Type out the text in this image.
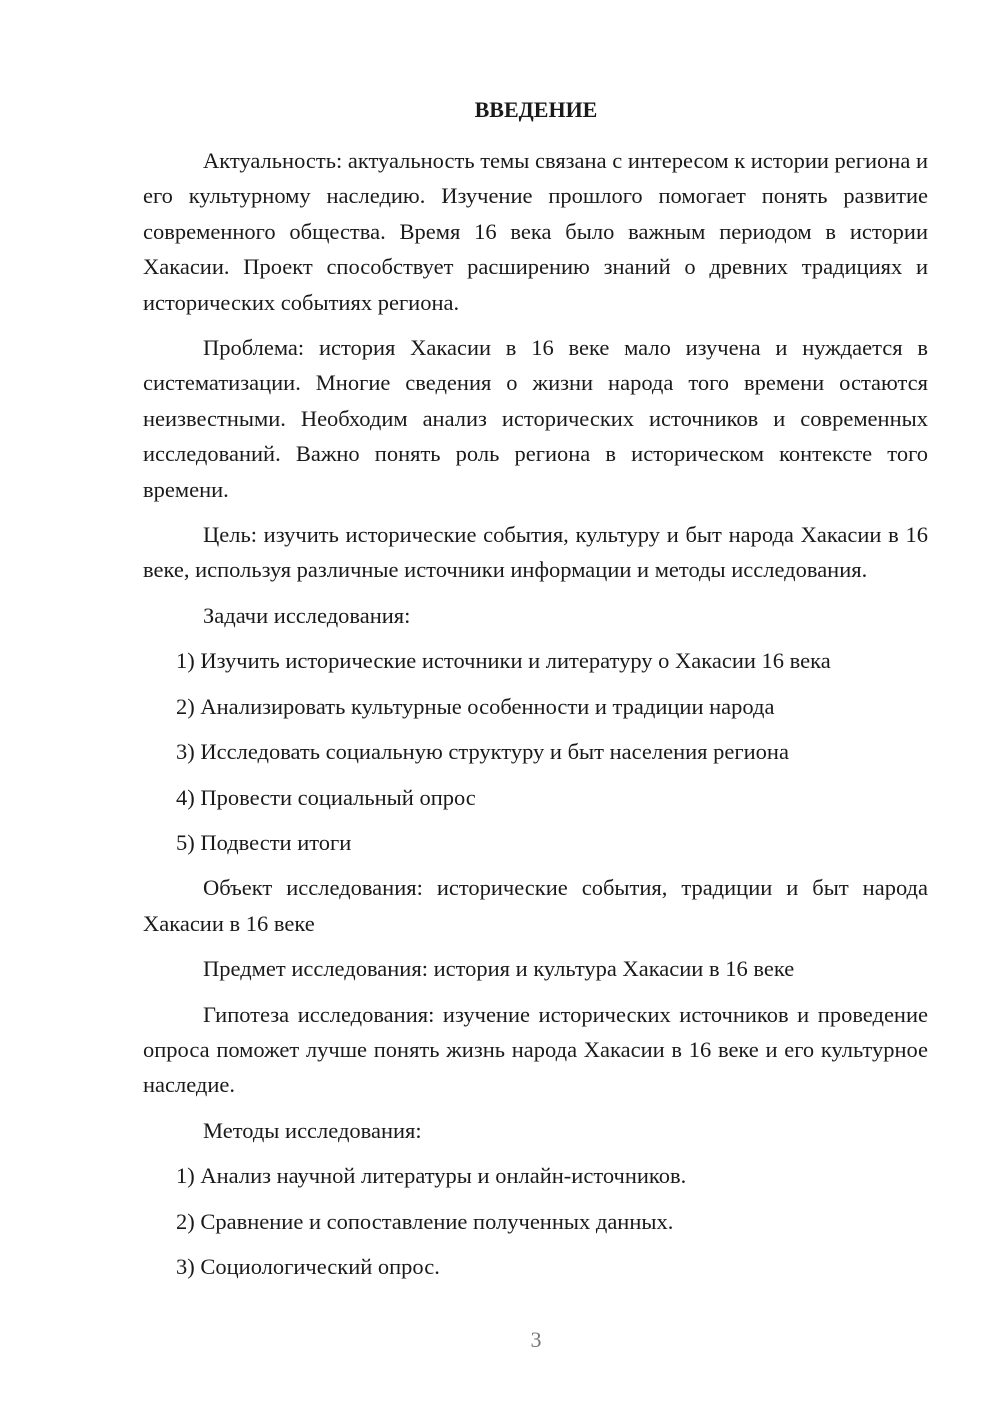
ВВЕДЕНИЕ

Актуальность: актуальность темы связана с интересом к истории региона и его культурному наследию. Изучение прошлого помогает понять развитие современного общества. Время 16 века было важным периодом в истории Хакасии. Проект способствует расширению знаний о древних традициях и исторических событиях региона.

Проблема: история Хакасии в 16 веке мало изучена и нуждается в систематизации. Многие сведения о жизни народа того времени остаются неизвестными. Необходим анализ исторических источников и современных исследований. Важно понять роль региона в историческом контексте того времени.

Цель: изучить исторические события, культуру и быт народа Хакасии в 16 веке, используя различные источники информации и методы исследования.

Задачи исследования:

1) Изучить исторические источники и литературу о Хакасии 16 века

2) Анализировать культурные особенности и традиции народа

3) Исследовать социальную структуру и быт населения региона

4) Провести социальный опрос

5) Подвести итоги

Объект исследования: исторические события, традиции и быт народа Хакасии в 16 веке

Предмет исследования: история и культура Хакасии в 16 веке

Гипотеза исследования: изучение исторических источников и проведение опроса поможет лучше понять жизнь народа Хакасии в 16 веке и его культурное наследие.

Методы исследования:

1) Анализ научной литературы и онлайн-источников.

2) Сравнение и сопоставление полученных данных.

3) Социологический опрос.

3
